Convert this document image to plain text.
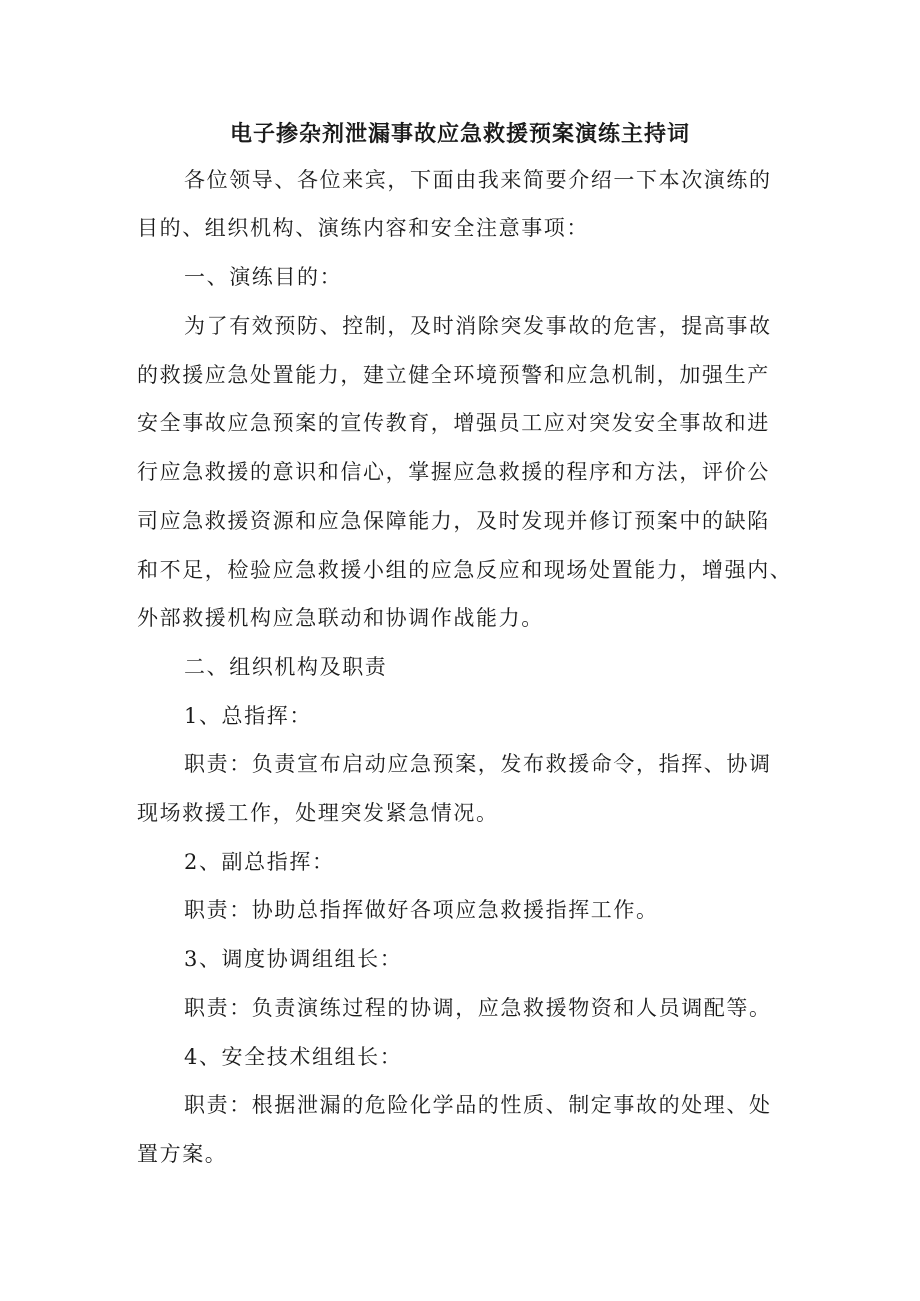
电子掺杂剂泄漏事故应急救援预案演练主持词
各位领导、各位来宾，下面由我来简要介绍一下本次演练的
目的、组织机构、演练内容和安全注意事项：
一、演练目的：
为了有效预防、控制，及时消除突发事故的危害，提高事故
的救援应急处置能力，建立健全环境预警和应急机制，加强生产
安全事故应急预案的宣传教育，增强员工应对突发安全事故和进
行应急救援的意识和信心，掌握应急救援的程序和方法，评价公
司应急救援资源和应急保障能力，及时发现并修订预案中的缺陷
和不足，检验应急救援小组的应急反应和现场处置能力，增强内、
外部救援机构应急联动和协调作战能力。
二、组织机构及职责
1、总指挥：
职责：负责宣布启动应急预案，发布救援命令，指挥、协调
现场救援工作，处理突发紧急情况。
2、副总指挥：
职责：协助总指挥做好各项应急救援指挥工作。
3、调度协调组组长：
职责：负责演练过程的协调，应急救援物资和人员调配等。
4、安全技术组组长：
职责：根据泄漏的危险化学品的性质、制定事故的处理、处
置方案。
